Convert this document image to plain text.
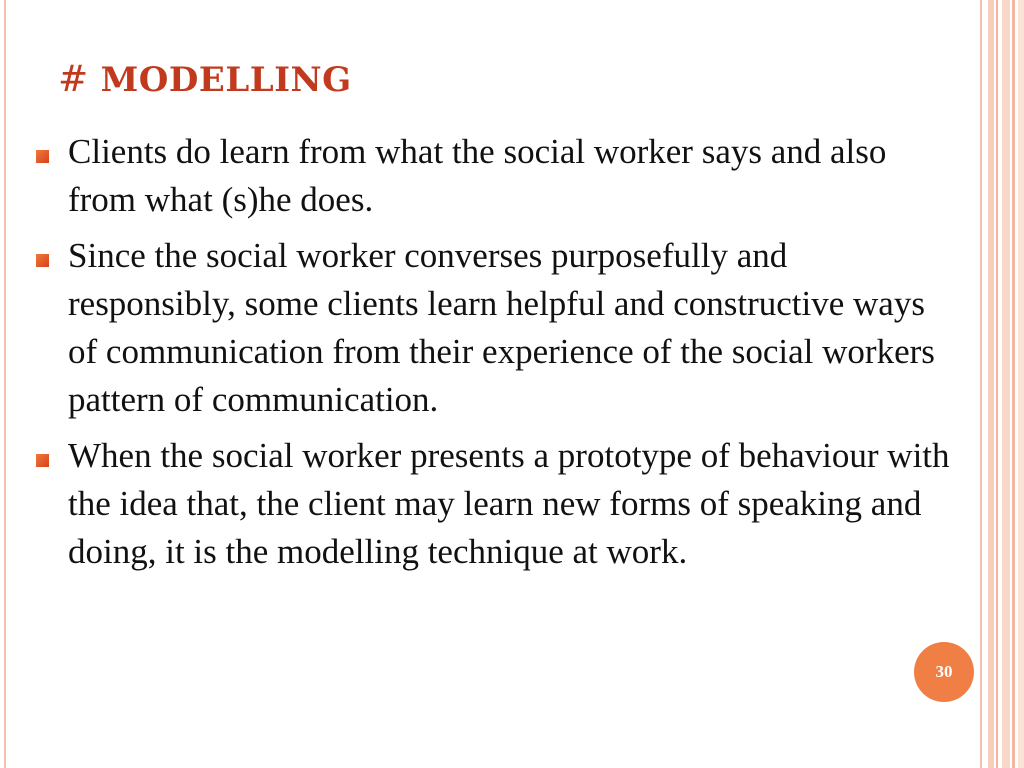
# MODELLING
Clients do learn from what the social worker says and also from what (s)he does.
Since the social worker converses purposefully and responsibly, some clients learn helpful and constructive ways of communication from their experience of the social workers pattern of communication.
When the social worker presents a prototype of behaviour with the idea that, the client may learn new forms of speaking and doing, it is the modelling technique at work.
30
